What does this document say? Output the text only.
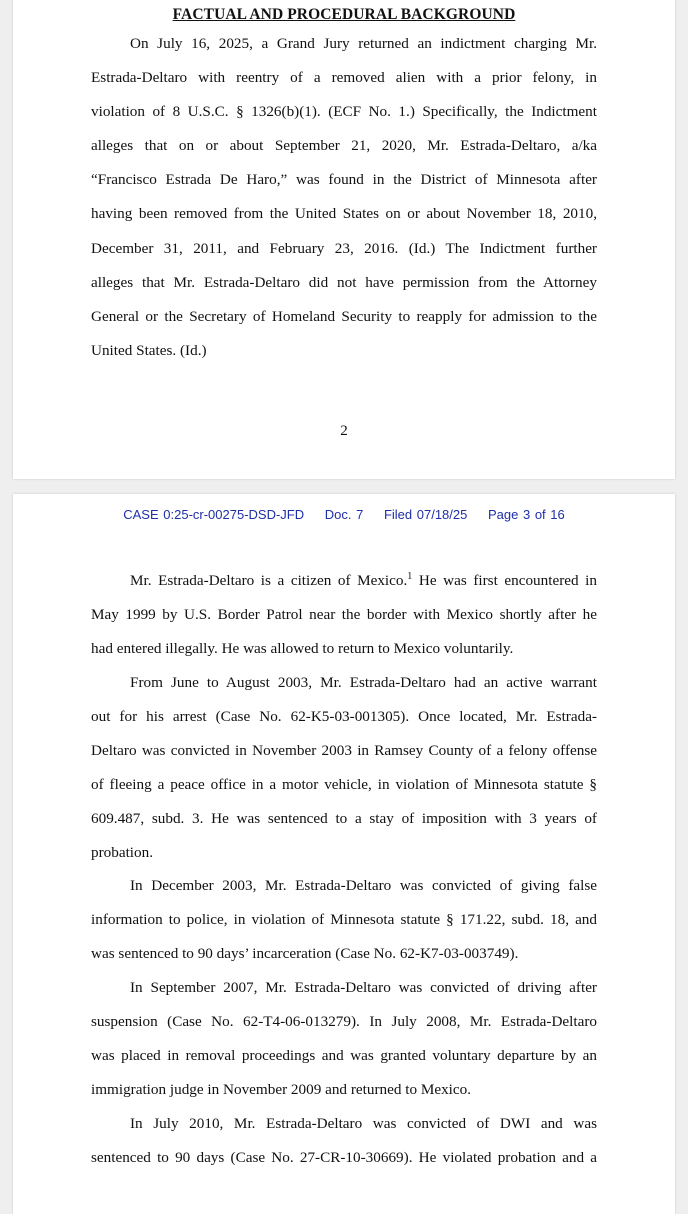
FACTUAL AND PROCEDURAL BACKGROUND

On July 16, 2025, a Grand Jury returned an indictment charging Mr.
Estrada-Deltaro with reentry of a removed alien with a prior felony, in
violation of 8 U.S.C. § 1326(b)(1). (ECF No. 1.) Specifically, the Indictment
alleges that on or about September 21, 2020, Mr. Estrada-Deltaro, a/ka
“Francisco Estrada De Haro,” was found in the District of Minnesota after
having been removed from the United States on or about November 18, 2010,
December 31, 2011, and February 23, 2016. (Id.) The Indictment further
alleges that Mr. Estrada-Deltaro did not have permission from the Attorney
General or the Secretary of Homeland Security to reapply for admission to the
United States. (Id.)

2
CASE 0:25-cr-00275-DSD-JFD Doc. 7 Filed 07/18/25 Page 3 of 16

Mr. Estrada-Deltaro is a citizen of Mexico.$^1$ He was first encountered in
May 1999 by U.S. Border Patrol near the border with Mexico shortly after he
had entered illegally. He was allowed to return to Mexico voluntarily.

From June to August 2003, Mr. Estrada-Deltaro had an active warrant
out for his arrest (Case No. 62-K5-03-001305). Once located, Mr. Estrada-
Deltaro was convicted in November 2003 in Ramsey County of a felony offense
of fleeing a peace office in a motor vehicle, in violation of Minnesota statute §
609.487, subd. 3. He was sentenced to a stay of imposition with 3 years of
probation.

In December 2003, Mr. Estrada-Deltaro was convicted of giving false
information to police, in violation of Minnesota statute § 171.22, subd. 18, and
was sentenced to 90 days’ incarceration (Case No. 62-K7-03-003749).

In September 2007, Mr. Estrada-Deltaro was convicted of driving after
suspension (Case No. 62-T4-06-013279). In July 2008, Mr. Estrada-Deltaro
was placed in removal proceedings and was granted voluntary departure by an
immigration judge in November 2009 and returned to Mexico.

In July 2010, Mr. Estrada-Deltaro was convicted of DWI and was
sentenced to 90 days (Case No. 27-CR-10-30669). He violated probation and a
